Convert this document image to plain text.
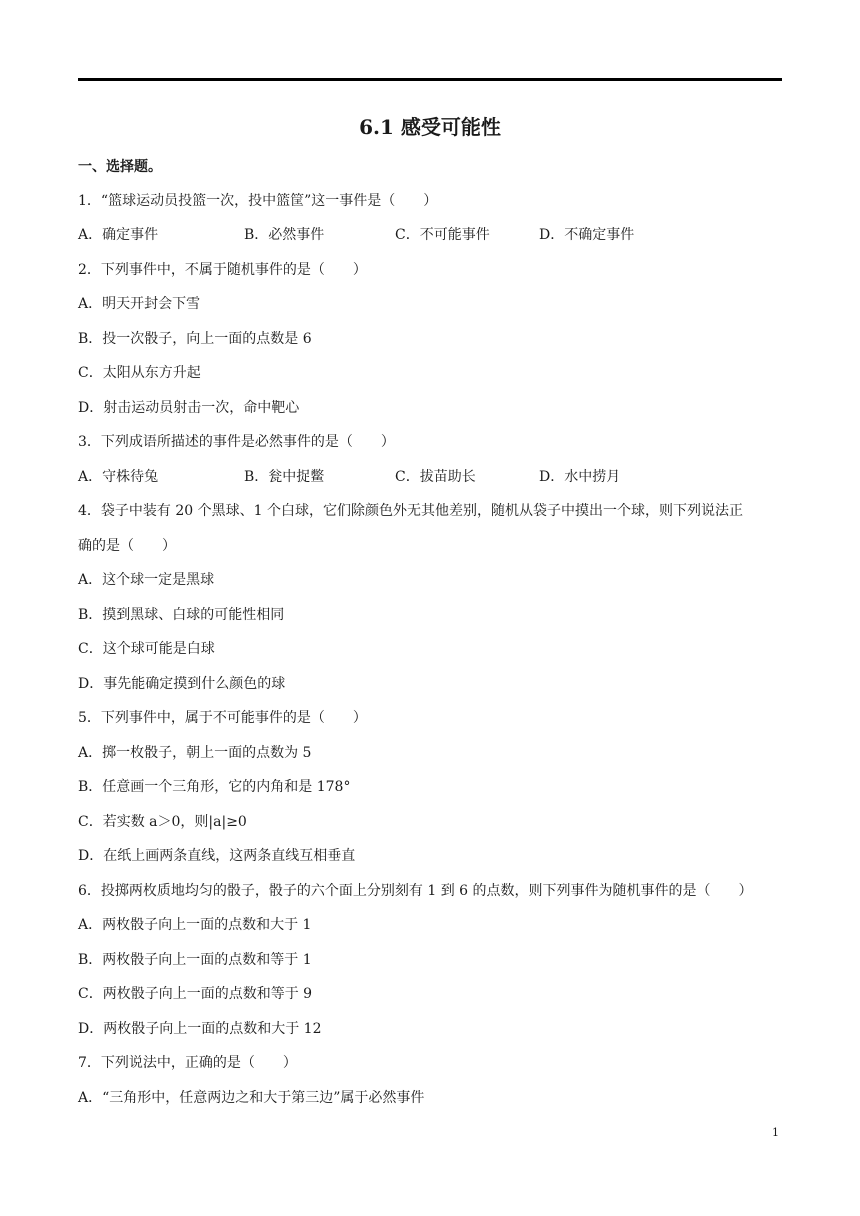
6.1 感受可能性
一、选择题。
1．“篮球运动员投篮一次，投中篮筐”这一事件是（　　）
A．确定事件	B．必然事件	C．不可能事件	D．不确定事件
2．下列事件中，不属于随机事件的是（　　）
A．明天开封会下雪
B．投一次骰子，向上一面的点数是 6
C．太阳从东方升起
D．射击运动员射击一次，命中靶心
3．下列成语所描述的事件是必然事件的是（　　）
A．守株待兔	B．瓮中捉鳖	C．拔苗助长	D．水中捞月
4．袋子中装有 20 个黑球、1 个白球，它们除颜色外无其他差别，随机从袋子中摸出一个球，则下列说法正
确的是（　　）
A．这个球一定是黑球
B．摸到黑球、白球的可能性相同
C．这个球可能是白球
D．事先能确定摸到什么颜色的球
5．下列事件中，属于不可能事件的是（　　）
A．掷一枚骰子，朝上一面的点数为 5
B．任意画一个三角形，它的内角和是 178°
C．若实数 a＞0，则|a|≥0
D．在纸上画两条直线，这两条直线互相垂直
6．投掷两枚质地均匀的骰子，骰子的六个面上分别刻有 1 到 6 的点数，则下列事件为随机事件的是（　　）
A．两枚骰子向上一面的点数和大于 1
B．两枚骰子向上一面的点数和等于 1
C．两枚骰子向上一面的点数和等于 9
D．两枚骰子向上一面的点数和大于 12
7．下列说法中，正确的是（　　）
A．“三角形中，任意两边之和大于第三边”属于必然事件
1
